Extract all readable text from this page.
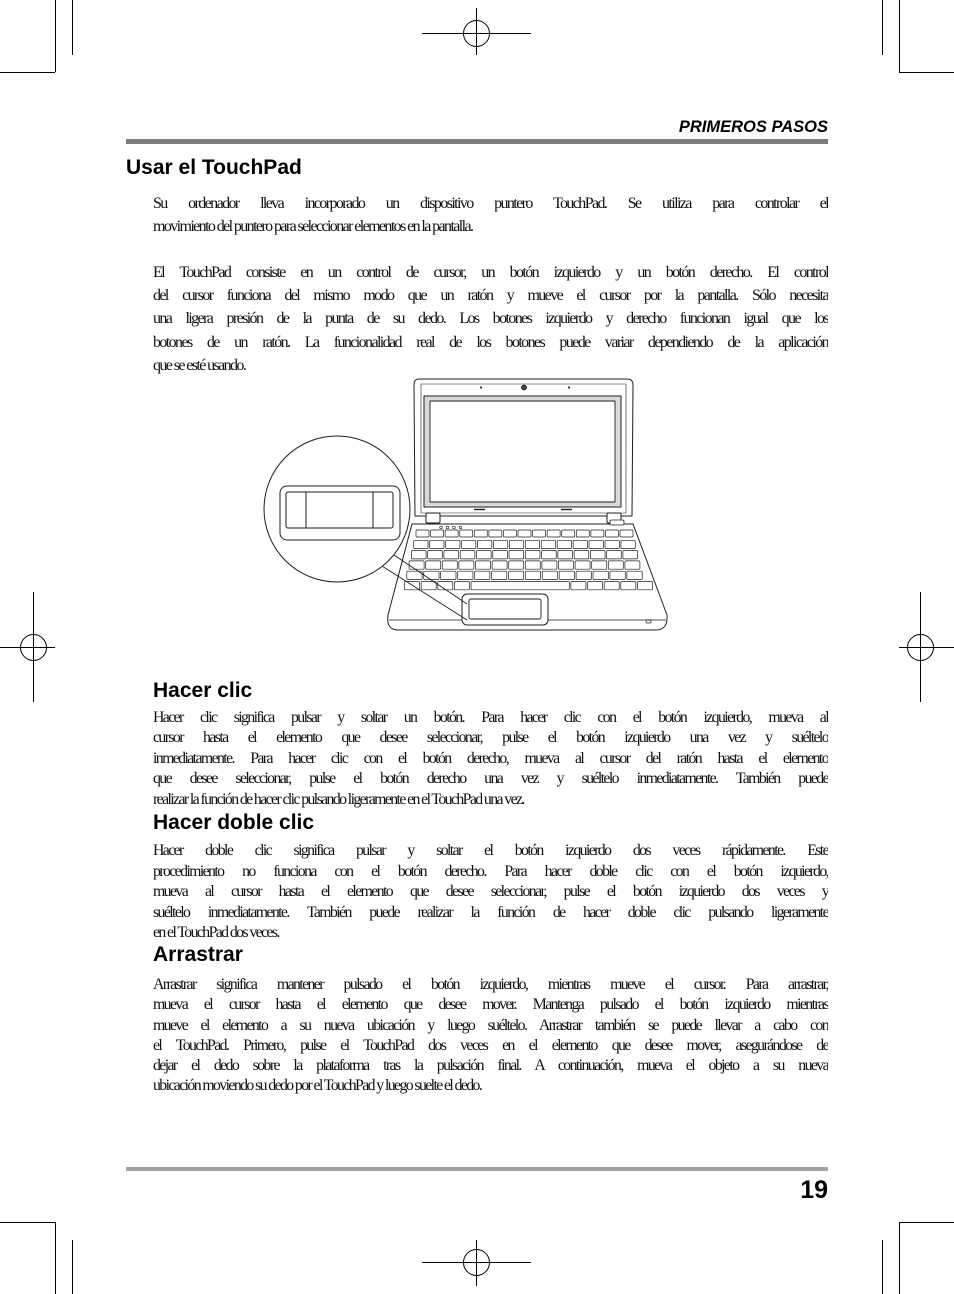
PRIMEROS PASOS
Usar el TouchPad
Su ordenador lleva incorporado un dispositivo puntero TouchPad. Se utiliza para controlar el
movimiento del puntero para seleccionar elementos en la pantalla.
El TouchPad consiste en un control de cursor, un botón izquierdo y un botón derecho. El control
del cursor funciona del mismo modo que un ratón y mueve el cursor por la pantalla. Sólo necesita
una ligera presión de la punta de su dedo. Los botones izquierdo y derecho funcionan igual que los
botones de un ratón. La funcionalidad real de los botones puede variar dependiendo de la aplicación
que se esté usando.
Hacer clic
Hacer clic significa pulsar y soltar un botón. Para hacer clic con el botón izquierdo, mueva al
cursor hasta el elemento que desee seleccionar, pulse el botón izquierdo una vez y suéltelo
inmediatamente. Para hacer clic con el botón derecho, mueva al cursor del ratón hasta el elemento
que desee seleccionar, pulse el botón derecho una vez y suéltelo inmediatamente. También puede
realizar la función de hacer clic pulsando ligeramente en el TouchPad una vez.
Hacer doble clic
Hacer doble clic significa pulsar y soltar el botón izquierdo dos veces rápidamente. Este
procedimiento no funciona con el botón derecho. Para hacer doble clic con el botón izquierdo,
mueva al cursor hasta el elemento que desee seleccionar, pulse el botón izquierdo dos veces y
suéltelo inmediatamente. También puede realizar la función de hacer doble clic pulsando ligeramente
en el TouchPad dos veces.
Arrastrar
Arrastrar significa mantener pulsado el botón izquierdo, mientras mueve el cursor. Para arrastrar,
mueva el cursor hasta el elemento que desee mover. Mantenga pulsado el botón izquierdo mientras
mueve el elemento a su nueva ubicación y luego suéltelo. Arrastrar también se puede llevar a cabo con
el TouchPad. Primero, pulse el TouchPad dos veces en el elemento que desee mover, asegurándose de
dejar el dedo sobre la plataforma tras la pulsación final. A continuación, mueva el objeto a su nueva
ubicación moviendo su dedo por el TouchPad y luego suelte el dedo.
19
